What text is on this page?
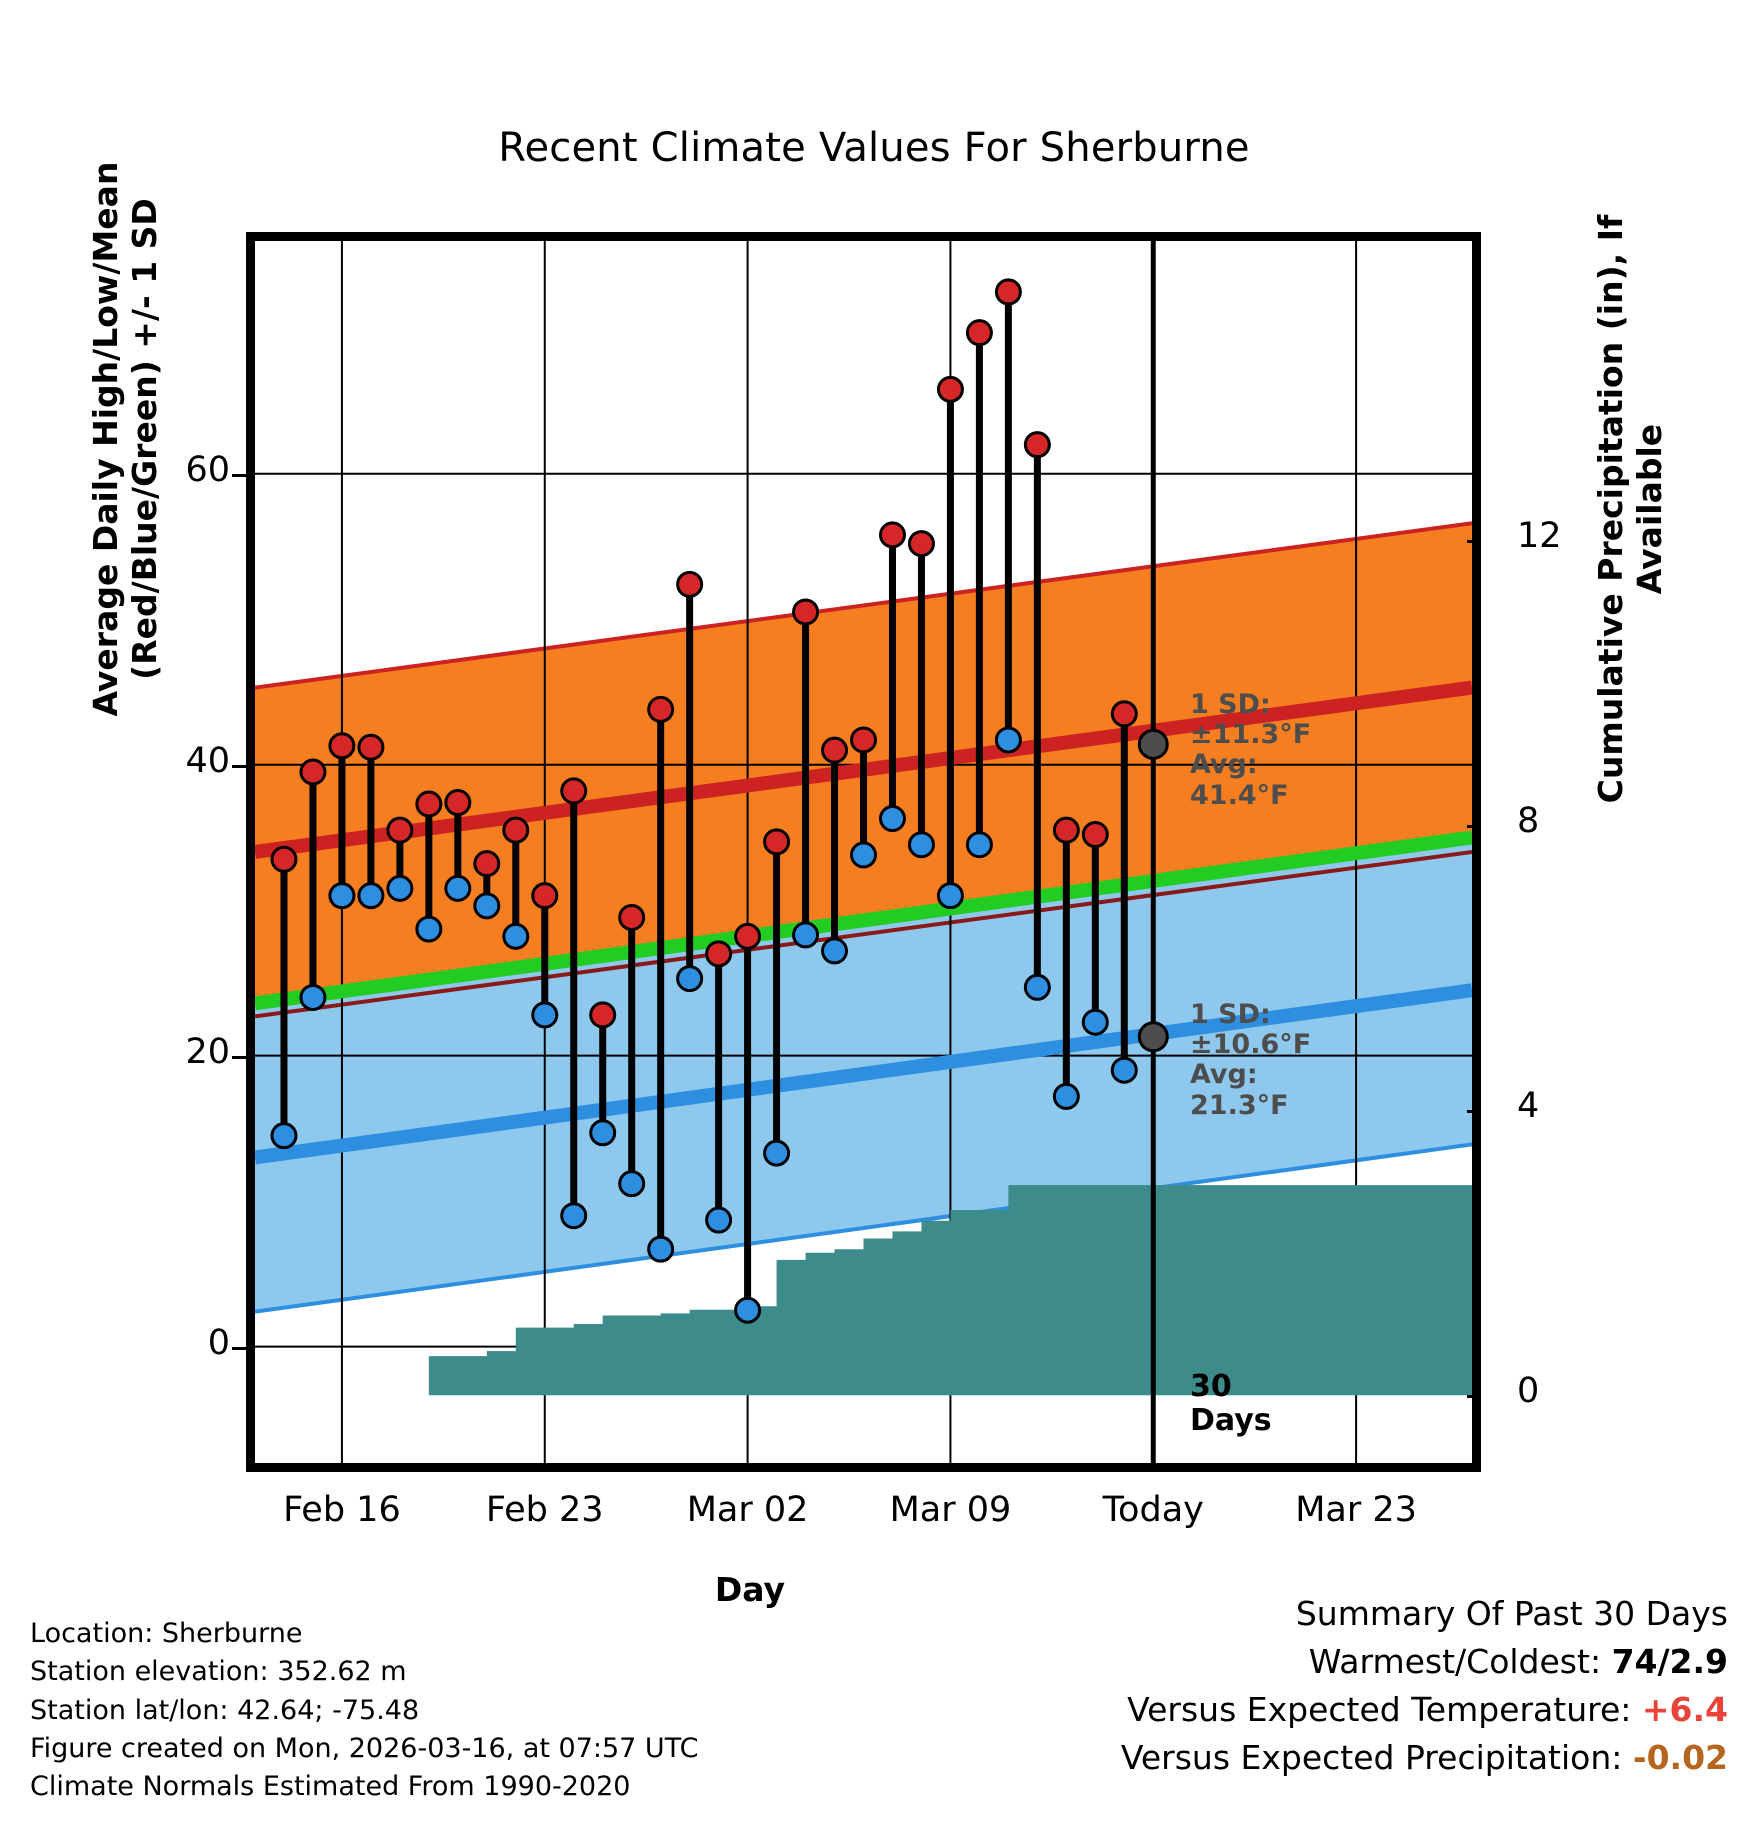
Recent Climate Values For Sherburne
Average Daily High/Low/Mean (Red/Blue/Green) +/- 1 SD	Cumulative Precipitation (in), If Available
Day
0
20
40
60
0
4
8
12
Feb 16	Feb 23	Mar 02	Mar 09	Today	Mar 23
1 SD:
±11.3°F
Avg:
41.4°F
1 SD:
±10.6°F
Avg:
21.3°F
30
Days
Location: Sherburne
Station elevation: 352.62 m
Station lat/lon: 42.64; -75.48
Figure created on Mon, 2026-03-16, at 07:57 UTC
Climate Normals Estimated From 1990-2020
Summary Of Past 30 Days
Warmest/Coldest: 74/2.9
Versus Expected Temperature: +6.4
Versus Expected Precipitation: -0.02
